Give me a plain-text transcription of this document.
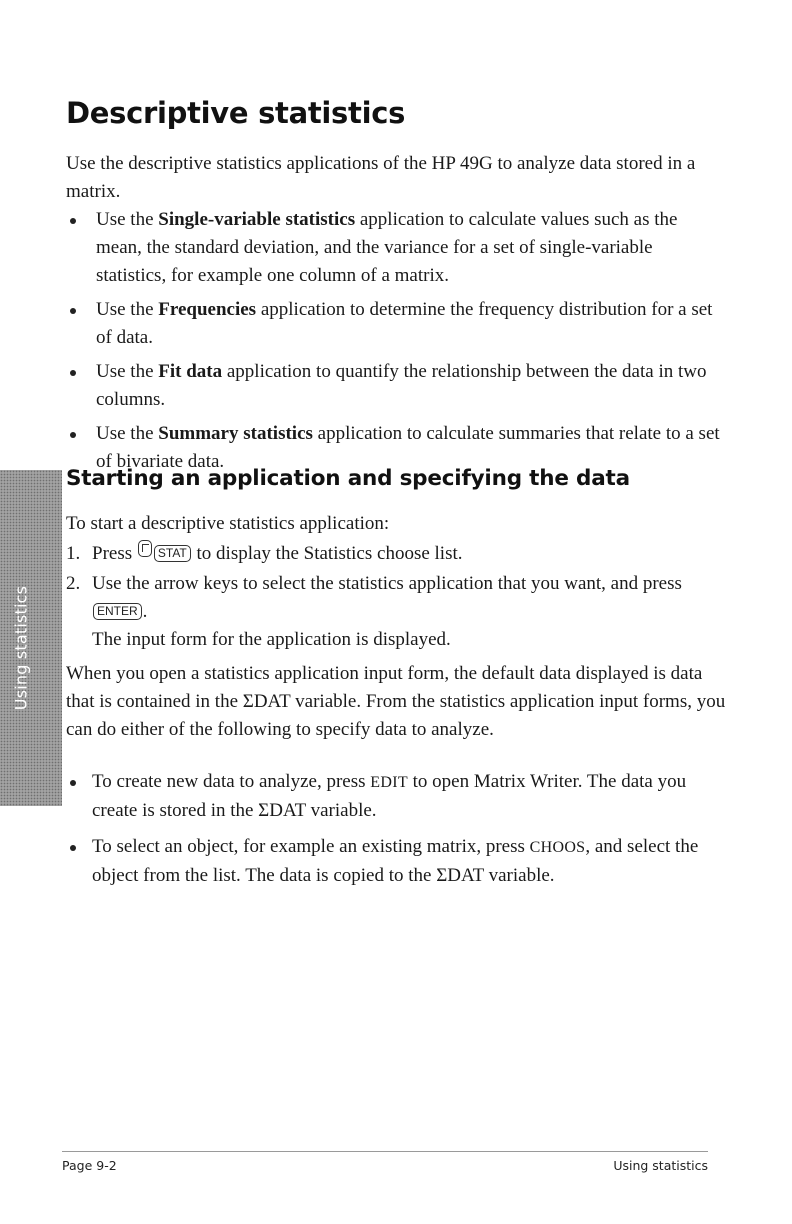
Descriptive statistics

Use the descriptive statistics applications of the HP 49G to analyze data stored in a matrix.

Use the Single-variable statistics application to calculate values such as the mean, the standard deviation, and the variance for a set of single-variable statistics, for example one column of a matrix.
Use the Frequencies application to determine the frequency distribution for a set of data.
Use the Fit data application to quantify the relationship between the data in two columns.
Use the Summary statistics application to calculate summaries that relate to a set of bivariate data.
Using statistics
Starting an application and specifying the data

To start a descriptive statistics application:

1. Press STAT to display the Statistics choose list.
2. Use the arrow keys to select the statistics application that you want, and press ENTER .
The input form for the application is displayed.

When you open a statistics application input form, the default data displayed is data that is contained in the ΣDAT variable. From the statistics application input forms, you can do either of the following to specify data to analyze.

To create new data to analyze, press EDIT to open Matrix Writer. The data you create is stored in the ΣDAT variable.
To select an object, for example an existing matrix, press CHOOS, and select the object from the list. The data is copied to the ΣDAT variable.
Page 9-2	Using statistics
